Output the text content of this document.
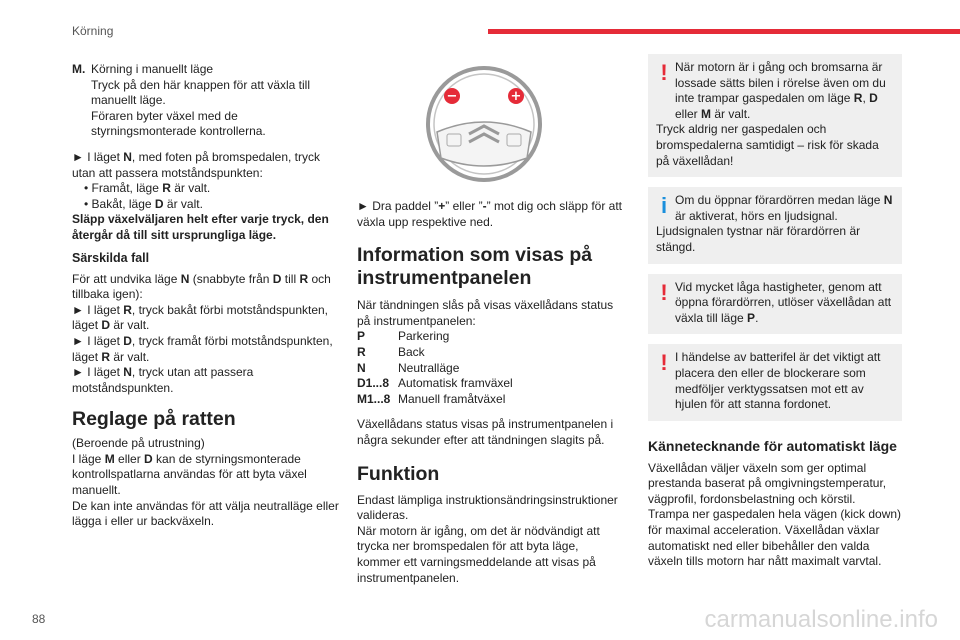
Körning
M. Körning i manuellt läge

Tryck på den här knappen för att växla till manuellt läge.

Föraren byter växel med de styrningsmonterade kontrollerna.

► I läget N, med foten på bromspedalen, tryck utan att passera motståndspunkten:

• Framåt, läge R är valt.

• Bakåt, läge D är valt.

Släpp växelväljaren helt efter varje tryck, den återgår då till sitt ursprungliga läge.

Särskilda fall

För att undvika läge N (snabbyte från D till R och tillbaka igen):

► I läget R, tryck bakåt förbi motståndspunkten, läget D är valt.

► I läget D, tryck framåt förbi motståndspunkten, läget R är valt.

► I läget N, tryck utan att passera motståndspunkten.

Reglage på ratten

(Beroende på utrustning)

I läge M eller D kan de styrningsmonterade kontrollspatlarna användas för att byta växel manuellt.

De kan inte användas för att välja neutralläge eller lägga i eller ur backväxeln.

−	+

► Dra paddel ”+” eller ”-” mot dig och släpp för att växla upp respektive ned.

Information som visas på instrumentpanelen

När tändningen slås på visas växellådans status på instrumentpanelen:

P	Parkering
R	Back
N	Neutralläge
D1...8 Automatisk framväxel
M1...8 Manuell framåtväxel

Växellådans status visas på instrumentpanelen i några sekunder efter att tändningen slagits på.

Funktion

Endast lämpliga instruktionsändringsinstruktioner valideras.

När motorn är igång, om det är nödvändigt att trycka ner bromspedalen för att byta läge, kommer ett varningsmeddelande att visas på instrumentpanelen.

! När motorn är i gång och bromsarna är lossade sätts bilen i rörelse även om du inte trampar gaspedalen om läge R, D eller M är valt.

Tryck aldrig ner gaspedalen och bromspedalerna samtidigt – risk för skada på växellådan!

i Om du öppnar förardörren medan läge N är aktiverat, hörs en ljudsignal.

Ljudsignalen tystnar när förardörren är stängd.

! Vid mycket låga hastigheter, genom att öppna förardörren, utlöser växellådan att växla till läge P.

! I händelse av batterifel är det viktigt att placera den eller de blockerare som medföljer verktygssatsen mot ett av hjulen för att stanna fordonet.

Kännetecknande för automatiskt läge

Växellådan väljer växeln som ger optimal prestanda baserat på omgivningstemperatur, vägprofil, fordonsbelastning och körstil.

Trampa ner gaspedalen hela vägen (kick down) för maximal acceleration. Växellådan växlar automatiskt ned eller bibehåller den valda växeln tills motorn har nått maximalt varvtal.

88	carmanualsonline.info
